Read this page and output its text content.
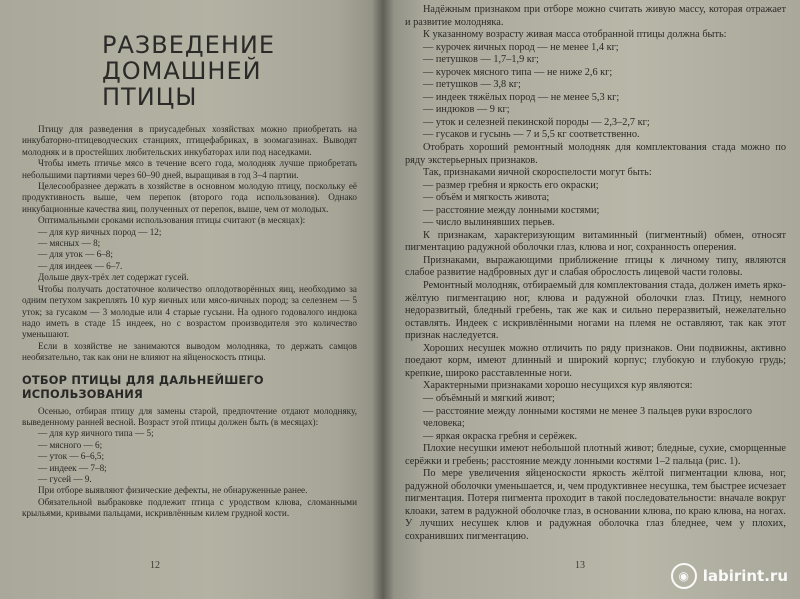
РАЗВЕДЕНИЕ
ДОМАШНЕЙ ПТИЦЫ

Птицу для разведения в приусадебных хозяйствах можно приобретать на инкубаторно-птицеводческих станциях, птицефабриках, в зоомагазинах. Выводят молодняк и в простейших любительских инкубаторах или под наседками.

Чтобы иметь птичье мясо в течение всего года, молодняк лучше приобретать небольшими партиями через 60–90 дней, выращивая в год 3–4 партии.

Целесообразнее держать в хозяйстве в основном молодую птицу, поскольку её продуктивность выше, чем перепок (второго года использования). Однако инкубационные качества яиц, полученных от перепок, выше, чем от молодых.

Оптимальными сроками использования птицы считают (в месяцах):

— для кур яичных пород — 12;

— мясных — 8;

— для уток — 6–8;

— для индеек — 6–7.

Дольше двух-трёх лет содержат гусей.

Чтобы получать достаточное количество оплодотворённых яиц, необходимо за одним петухом закреплять 10 кур яичных или мясо-яичных пород; за селезнем — 5 уток; за гусаком — 3 молодые или 4 старые гусыни. На одного годовалого индюка надо иметь в стаде 15 индеек, но с возрастом производителя это количество уменьшают.

Если в хозяйстве не занимаются выводом молодняка, то держать самцов необязательно, так как они не влияют на яйценоскость птицы.

ОТБОР ПТИЦЫ ДЛЯ ДАЛЬНЕЙШЕГО ИСПОЛЬЗОВАНИЯ

Осенью, отбирая птицу для замены старой, предпочтение отдают молодняку, выведенному ранней весной. Возраст этой птицы должен быть (в месяцах):

— для кур яичного типа — 5;

— мясного — 6;

— уток — 6–6,5;

— индеек — 7–8;

— гусей — 9.

При отборе выявляют физические дефекты, не обнаруженные ранее.

Обязательной выбраковке подлежит птица с уродством клюва, сломанными крыльями, кривыми пальцами, искривлённым килем грудной кости.

12

Надёжным признаком при отборе можно считать живую массу, которая отражает и развитие молодняка.

К указанному возрасту живая масса отобранной птицы должна быть:

— курочек яичных пород — не менее 1,4 кг;

— петушков — 1,7–1,9 кг;

— курочек мясного типа — не ниже 2,6 кг;

— петушков — 3,8 кг;

— индеек тяжёлых пород — не менее 5,3 кг;

— индюков — 9 кг;

— уток и селезней пекинской породы — 2,3–2,7 кг;

— гусаков и гусынь — 7 и 5,5 кг соответственно.

Отобрать хороший ремонтный молодняк для комплектования стада можно по ряду экстерьерных признаков.

Так, признаками яичной скороспелости могут быть:

— размер гребня и яркость его окраски;

— объём и мягкость живота;

— расстояние между лонными костями;

— число вылинявших перьев.

К признакам, характеризующим витаминный (пигментный) обмен, относят пигментацию радужной оболочки глаз, клюва и ног, сохранность оперения.

Признаками, выражающими приближение птицы к личному типу, являются слабое развитие надбровных дуг и слабая оброслость лицевой части головы.

Ремонтный молодняк, отбираемый для комплектования стада, должен иметь ярко-жёлтую пигментацию ног, клюва и радужной оболочки глаз. Птицу, немного недоразвитый, бледный гребень, так же как и сильно переразвитый, нежелательно оставлять. Индеек с искривлёнными ногами на племя не оставляют, так как этот признак наследуется.

Хороших несушек можно отличить по ряду признаков. Они подвижны, активно поедают корм, имеют длинный и широкий корпус; глубокую и глубокую грудь; крепкие, широко расставленные ноги.

Характерными признаками хорошо несущихся кур являются:

— объёмный и мягкий живот;

— расстояние между лонными костями не менее 3 пальцев руки взрослого человека;

— яркая окраска гребня и серёжек.

Плохие несушки имеют небольшой плотный живот; бледные, сухие, сморщенные серёжки и гребень; расстояние между лонными костями 1–2 пальца (рис. 1).

По мере увеличения яйценоскости яркость жёлтой пигментации клюва, ног, радужной оболочки уменьшается, и, чем продуктивнее несушка, тем быстрее исчезает пигментация. Потеря пигмента проходит в такой последовательности: вначале вокруг клоаки, затем в радужной оболочке глаз, в основании клюва, по краю клюва, на ногах. У лучших несушек клюв и радужная оболочка глаз бледнее, чем у плохих, сохранивших пигментацию.

13
◉ labirint.ru
